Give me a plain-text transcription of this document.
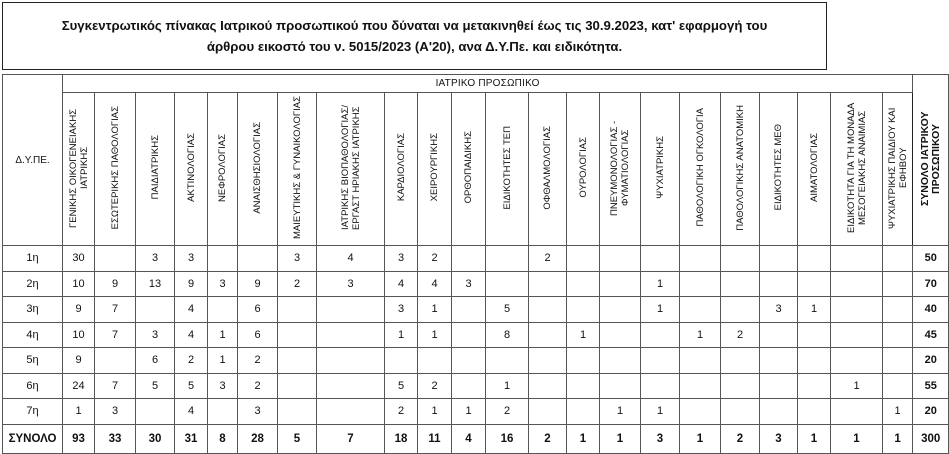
Συγκεντρωτικός πίνακας Ιατρικού προσωπικού που δύναται να μετακινηθεί έως τις 30.9.2023, κατ' εφαρμογή του
άρθρου εικοστό του ν. 5015/2023 (Α'20), ανα Δ.Υ.Πε. και ειδικότητα.
Δ.Υ.ΠΕ.	ΙΑΤΡΙΚΟ ΠΡΟΣΩΠΙΚΟ																						ΣΥΝΟΛΟ ΙΑΤΡΙΚΟΥ ΠΡΟΣΩΠΙΚΟΥ
	ΓΕΝΙΚΗΣ ΟΙΚΟΓΕΝΕΙΑΚΗΣ ΙΑΤΡΙΚΗΣ	ΕΣΩΤΕΡΙΚΗΣ ΠΑΘΟΛΟΓΙΑΣ	ΠΑΙΔΙΑΤΡΙΚΗΣ	ΑΚΤΙΝΟΛΟΓΙΑΣ	ΝΕΦΡΟΛΟΓΙΑΣ	ΑΝΑΙΣΘΗΣΙΟΛΟΓΙΑΣ	ΜΑΙΕΥΤΙΚΗΣ & ΓΥΝΑΙΚΟΛΟΓΙΑΣ	ΙΑΤΡΙΚΗΣ ΒΙΟΠΑΘΟΛΟΓΙΑΣ/ΕΡΓΑΣΤ ΗΡΙΑΚΗΣ ΙΑΤΡΙΚΗΣ	ΚΑΡΔΙΟΛΟΓΙΑΣ	ΧΕΙΡΟΥΡΓΙΚΗΣ	ΟΡΘΟΠΑΙΔΙΚΗΣ	ΕΙΔΙΚΟΤΗΤΕΣ ΤΕΠ	ΟΦΘΑΛΜΟΛΟΓΙΑΣ	ΟΥΡΟΛΟΓΙΑΣ	ΠΝΕΥΜΟΝΟΛΟΓΙΑΣ - ΦΥΜΑΤΙΟΛΟΓΙΑΣ	ΨΥΧΙΑΤΡΙΚΗΣ	ΠΑΘΟΛΟΓΙΚΗ ΟΓΚΟΛΟΓΙΑ	ΠΑΘΟΛΟΓΙΚΗΣ ΑΝΑΤΟΜΙΚΗ	ΕΙΔΙΚΟΤΗΤΕΣ ΜΕΘ	ΑΙΜΑΤΟΛΟΓΙΑΣ	ΕΙΔΙΚΟΤΗΤΑ ΓΙΑ ΤΗ ΜΟΝΑΔΑ ΜΕΣΟΓΕΙΑΚΗΣ ΑΝΑΙΜΙΑΣ	ΨΥΧΙΑΤΡΙΚΗΣ ΠΑΙΔΙΟΥ ΚΑΙ ΕΦΗΒΟΥ	
1η	30		3	3			3	4	3	2			2										50
2η	10	9	13	9	3	9	2	3	4	4	3					1							70
3η	9	7		4		6			3	1		5				1			3	1			40
4η	10	7	3	4	1	6			1	1		8		1			1	2					45
5η	9		6	2	1	2																	20
6η	24	7	5	5	3	2			5	2		1									1		55
7η	1	3		4		3			2	1	1	2			1	1						1	20
ΣΥΝΟΛΟ	93	33	30	31	8	28	5	7	18	11	4	16	2	1	1	3	1	2	3	1	1	1	300
